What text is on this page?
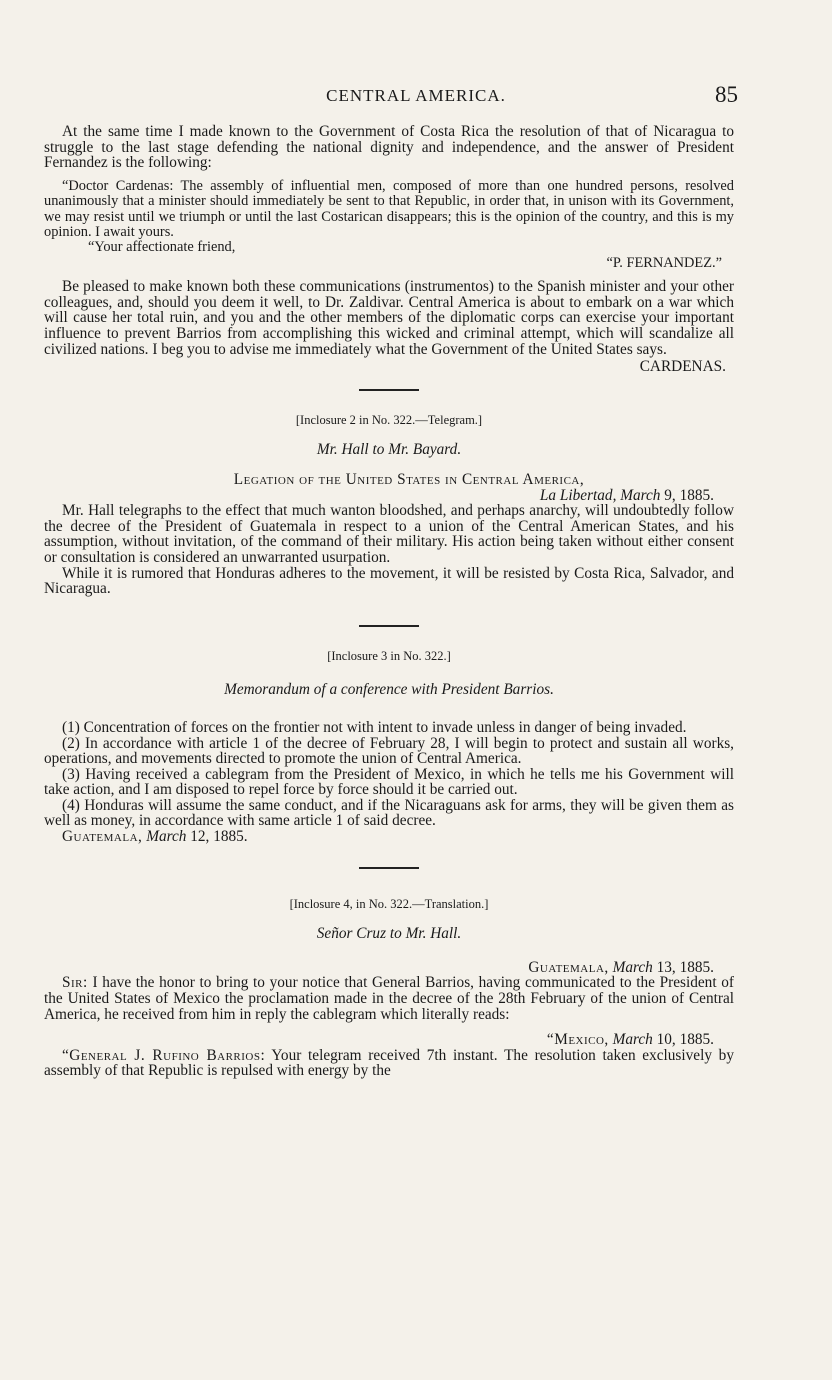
CENTRAL AMERICA.	85

At the same time I made known to the Government of Costa Rica the resolution of that of Nicaragua to struggle to the last stage defending the national dignity and independence, and the answer of President Fernandez is the following:

“Doctor Cardenas: The assembly of influential men, composed of more than one hundred persons, resolved unanimously that a minister should immediately be sent to that Republic, in order that, in unison with its Government, we may resist until we triumph or until the last Costarican disappears; this is the opinion of the country, and this is my opinion. I await yours.

“Your affectionate friend,

“P. FERNANDEZ.”

Be pleased to make known both these communications (instrumentos) to the Spanish minister and your other colleagues, and, should you deem it well, to Dr. Zaldivar. Central America is about to embark on a war which will cause her total ruin, and you and the other members of the diplomatic corps can exercise your important influence to prevent Barrios from accomplishing this wicked and criminal attempt, which will scandalize all civilized nations. I beg you to advise me immediately what the Government of the United States says.

CARDENAS.

[Inclosure 2 in No. 322.—Telegram.]

Mr. Hall to Mr. Bayard.

Legation of the United States in Central America,

La Libertad, March 9, 1885.

Mr. Hall telegraphs to the effect that much wanton bloodshed, and perhaps anarchy, will undoubtedly follow the decree of the President of Guatemala in respect to a union of the Central American States, and his assumption, without invitation, of the command of their military. His action being taken without either consent or consultation is considered an unwarranted usurpation.

While it is rumored that Honduras adheres to the movement, it will be resisted by Costa Rica, Salvador, and Nicaragua.

[Inclosure 3 in No. 322.]

Memorandum of a conference with President Barrios.

(1) Concentration of forces on the frontier not with intent to invade unless in danger of being invaded.

(2) In accordance with article 1 of the decree of February 28, I will begin to protect and sustain all works, operations, and movements directed to promote the union of Central America.

(3) Having received a cablegram from the President of Mexico, in which he tells me his Government will take action, and I am disposed to repel force by force should it be carried out.

(4) Honduras will assume the same conduct, and if the Nicaraguans ask for arms, they will be given them as well as money, in accordance with same article 1 of said decree.

Guatemala, March 12, 1885.

[Inclosure 4, in No. 322.—Translation.]

Señor Cruz to Mr. Hall.

Guatemala, March 13, 1885.

Sir: I have the honor to bring to your notice that General Barrios, having communicated to the President of the United States of Mexico the proclamation made in the decree of the 28th February of the union of Central America, he received from him in reply the cablegram which literally reads:

“Mexico, March 10, 1885.

“General J. Rufino Barrios: Your telegram received 7th instant. The resolution taken exclusively by assembly of that Republic is repulsed with energy by the
